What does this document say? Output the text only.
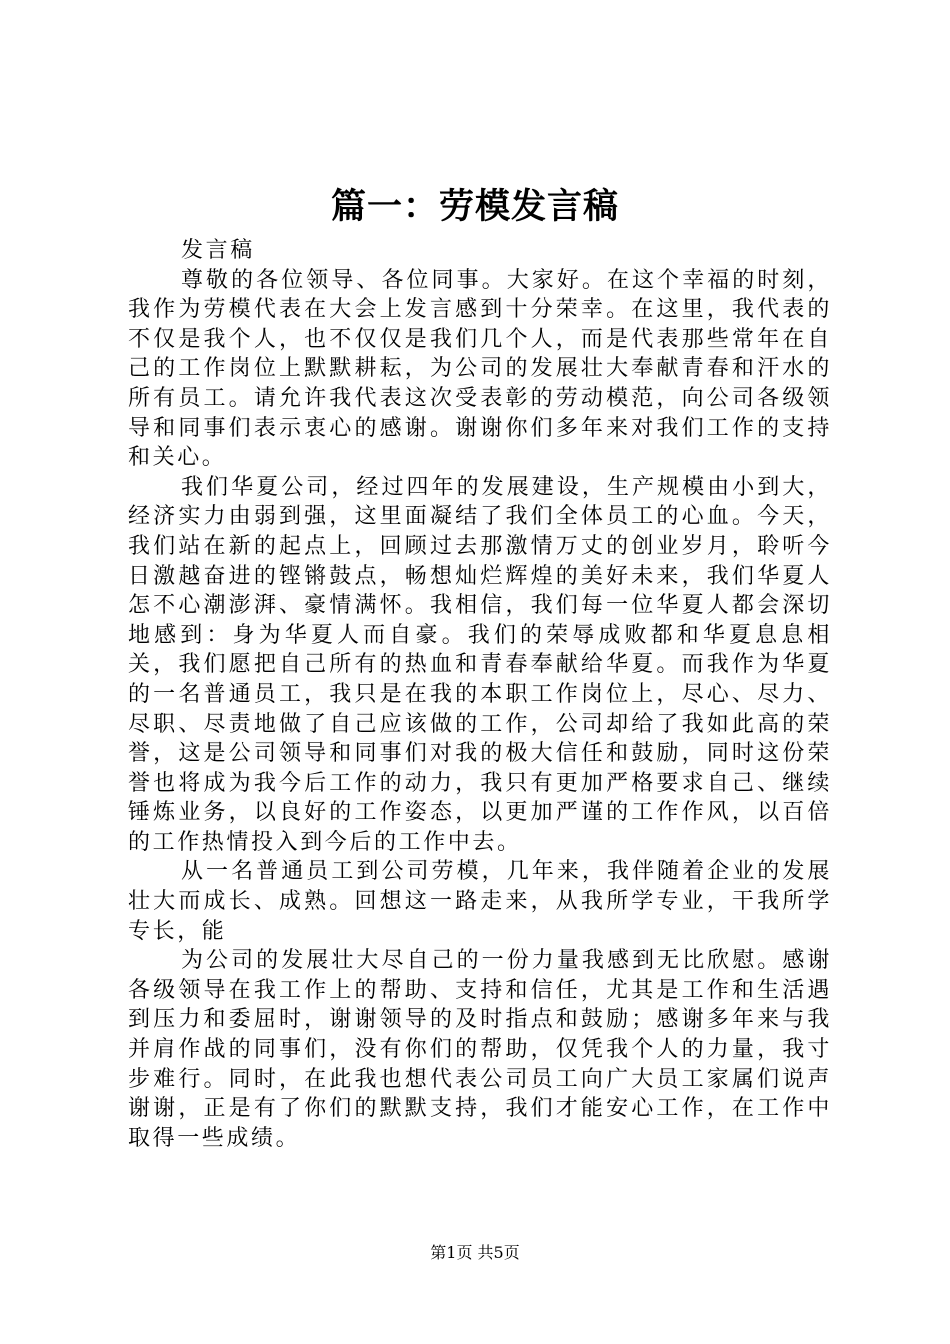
篇一：劳模发言稿

发言稿

尊敬的各位领导、各位同事。大家好。在这个幸福的时刻，我作为劳模代表在大会上发言感到十分荣幸。在这里，我代表的不仅是我个人，也不仅仅是我们几个人，而是代表那些常年在自己的工作岗位上默默耕耘，为公司的发展壮大奉献青春和汗水的所有员工。请允许我代表这次受表彰的劳动模范，向公司各级领导和同事们表示衷心的感谢。谢谢你们多年来对我们工作的支持和关心。

我们华夏公司，经过四年的发展建设，生产规模由小到大，经济实力由弱到强，这里面凝结了我们全体员工的心血。今天，我们站在新的起点上，回顾过去那激情万丈的创业岁月，聆听今日激越奋进的铿锵鼓点，畅想灿烂辉煌的美好未来，我们华夏人怎不心潮澎湃、豪情满怀。我相信，我们每一位华夏人都会深切地感到：身为华夏人而自豪。我们的荣辱成败都和华夏息息相关，我们愿把自己所有的热血和青春奉献给华夏。而我作为华夏的一名普通员工，我只是在我的本职工作岗位上，尽心、尽力、尽职、尽责地做了自己应该做的工作，公司却给了我如此高的荣誉，这是公司领导和同事们对我的极大信任和鼓励，同时这份荣誉也将成为我今后工作的动力，我只有更加严格要求自己、继续锤炼业务，以良好的工作姿态，以更加严谨的工作作风，以百倍的工作热情投入到今后的工作中去。

从一名普通员工到公司劳模，几年来，我伴随着企业的发展壮大而成长、成熟。回想这一路走来，从我所学专业，干我所学专长，能

为公司的发展壮大尽自己的一份力量我感到无比欣慰。感谢各级领导在我工作上的帮助、支持和信任，尤其是工作和生活遇到压力和委屈时，谢谢领导的及时指点和鼓励；感谢多年来与我并肩作战的同事们，没有你们的帮助，仅凭我个人的力量，我寸步难行。同时，在此我也想代表公司员工向广大员工家属们说声谢谢，正是有了你们的默默支持，我们才能安心工作，在工作中取得一些成绩。

第1页 共5页
